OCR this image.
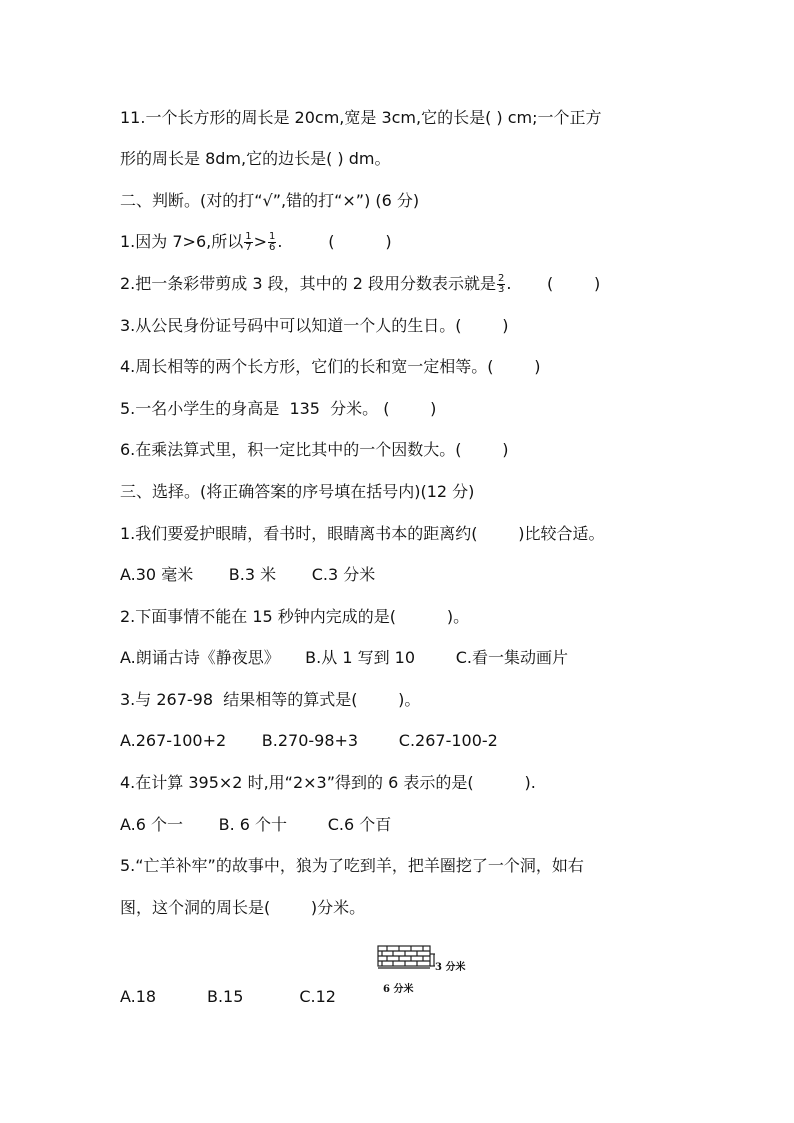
11.一个长方形的周长是 20cm,宽是 3cm,它的长是( ) cm;一个正方
形的周长是 8dm,它的边长是( ) dm。
二、判断。(对的打“√”,错的打“×”) (6 分)
1.因为 7>6,所以 $\frac{1}{7} > \frac{1}{6}$ .         (          )
2.把一条彩带剪成 3 段，其中的 2 段用分数表示就是 $\frac{2}{3}$ .       (        )
3.从公民身份证号码中可以知道一个人的生日。(        )
4.周长相等的两个长方形，它们的长和宽一定相等。(        )
5.一名小学生的身高是  135  分米。 (        )
6.在乘法算式里，积一定比其中的一个因数大。(        )
三、选择。(将正确答案的序号填在括号内)(12 分)
1.我们要爱护眼睛，看书时，眼睛离书本的距离约(        )比较合适。
A.30 毫米       B.3 米       C.3 分米
2.下面事情不能在 15 秒钟内完成的是(          )。
A.朗诵古诗《静夜思》     B.从 1 写到 10        C.看一集动画片
3.与 267-98  结果相等的算式是(        )。
A.267-100+2       B.270-98+3        C.267-100-2
4.在计算 395×2 时,用“2×3”得到的 6 表示的是(          ).
A.6 个一       B. 6 个十        C.6 个百
5.“亡羊补牢”的故事中，狼为了吃到羊，把羊圈挖了一个洞，如右
图，这个洞的周长是(        )分米。
3 分米
6 分米
A.18          B.15           C.12
